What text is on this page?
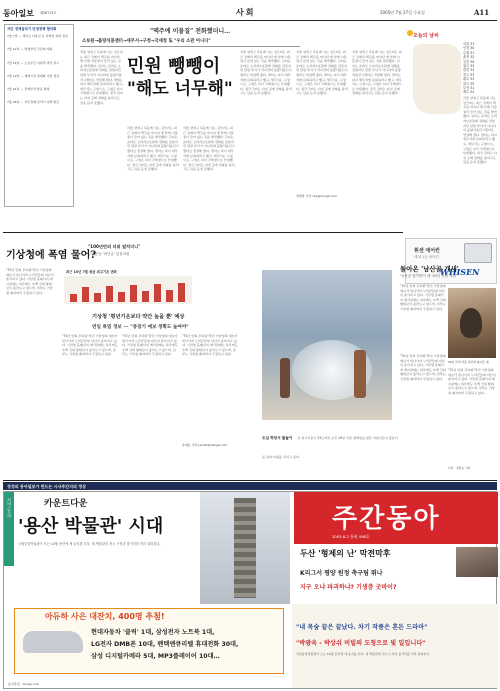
동아일보 제26713호	사회	2005년 7월 27일 수요일	A11
서민 경제살리기 민생정책 협의회
7월 7일 — 세탁소·미용실 등 자영업 실태 점검
7월 12일 — 영세상인 간담회 개최
7월 14일 — 소상공인 지원책 마련 촉구
7월 19일 — 재래시장 현대화 사업 점검
7월 21일 — 관계부처 합동 회의
7월 26일 — 서민경제 살리기 대책 발표
"맥주에 이물질" 전화했더니…
소보원→불량식품센터→세무서→구청→국세청 또 "우리 소관 아니다"
서울 양천구 목동에 사는 김모씨는 최근 집에서 맥주를 마시다 병 안에 이물질이 들어 있는 것을 발견했다. 김씨는 곧바로 소비자보호원에 전화를 걸었지만 담당 부서가 아니라며 불량식품신고센터로 연결해 줬다. 센터는 다시 세무서에 문의하라고 했고, 세무서는 구청으로, 구청은 다시 국세청으로 안내했다. 결국 김씨는 다섯 곳에 전화를 돌리고도 답을 듣지 못했다.
민원 뺑뺑이
"해도 너무해"
서울 양천구 목동에 사는 김모씨는 최근 집에서 맥주를 마시다 병 안에 이물질이 들어 있는 것을 발견했다. 김씨는 곧바로 소비자보호원에 전화를 걸었지만 담당 부서가 아니라며 불량식품신고센터로 연결해 줬다. 센터는 다시 세무서에 문의하라고 했고, 세무서는 구청으로, 구청은 다시 국세청으로 안내했다. 결국 김씨는 다섯 곳에 전화를 돌리고도 답을 듣지 못했다.
서울 양천구 목동에 사는 김모씨는 최근 집에서 맥주를 마시다 병 안에 이물질이 들어 있는 것을 발견했다. 김씨는 곧바로 소비자보호원에 전화를 걸었지만 담당 부서가 아니라며 불량식품신고센터로 연결해 줬다. 센터는 다시 세무서에 문의하라고 했고, 세무서는 구청으로, 구청은 다시 국세청으로 안내했다. 결국 김씨는 다섯 곳에 전화를 돌리고도 답을 듣지 못했다.
서울 양천구 목동에 사는 김모씨는 최근 집에서 맥주를 마시다 병 안에 이물질이 들어 있는 것을 발견했다. 김씨는 곧바로 소비자보호원에 전화를 걸었지만 담당 부서가 아니라며 불량식품신고센터로 연결해 줬다. 센터는 다시 세무서에 문의하라고 했고, 세무서는 구청으로, 구청은 다시 국세청으로 안내했다. 결국 김씨는 다섯 곳에 전화를 돌리고도 답을 듣지 못했다.
서울 양천구 목동에 사는 김모씨는 최근 집에서 맥주를 마시다 병 안에 이물질이 들어 있는 것을 발견했다. 김씨는 곧바로 소비자보호원에 전화를 걸었지만 담당 부서가 아니라며 불량식품신고센터로 연결해 줬다. 센터는 다시 세무서에 문의하라고 했고, 세무서는 구청으로, 구청은 다시 국세청으로 안내했다. 결국 김씨는 다섯 곳에 전화를 돌리고도 답을 듣지 못했다.
정양환 기자 ray@donga.com
서울 양천구 목동에 사는 김모씨는 최근 집에서 맥주를 마시다 병 안에 이물질이 들어 있는 것을 발견했다. 김씨는 곧바로 소비자보호원에 전화를 걸었지만 담당 부서가 아니라며 불량식품신고센터로 연결해 줬다. 센터는 다시 세무서에 문의하라고 했고, 세무서는 구청으로, 구청은 다시 국세청으로 안내했다. 결국 김씨는 다섯 곳에 전화를 돌리고도 답을 듣지 못했다.
오늘의 날씨
서울 31
인천 30
수원 31
춘천 32
강릉 30
청주 33
대전 33
전주 33
광주 33
대구 35
부산 31
제주 32
서울 양천구 목동에 사는 김모씨는 최근 집에서 맥주를 마시다 병 안에 이물질이 들어 있는 것을 발견했다. 김씨는 곧바로 소비자보호원에 전화를 걸었지만 담당 부서가 아니라며 불량식품신고센터로 연결해 줬다. 센터는 다시 세무서에 문의하라고 했고, 세무서는 구청으로, 구청은 다시 국세청으로 안내했다. 결국 김씨는 다섯 곳에 전화를 돌리고도 답을 듣지 못했다.
휘센 에어컨
세계 1등 에어컨
WHISEN
기상청에 폭염 물어?
"100년만의 더위 덮치더니"
누리꾼들 '비난글' 봇물처럼
"70년 만의 무더위"라던 기상청의 예보가 빗나가자 누리꾼들의 비난이 쏟아지고 있다. 기상청 홈페이지 게시판에는 하루에도 수백 건의 항의글이 올라오고 있으며, 일부는 기상청 폐지까지 주장하고 있다.
최근 10년 7월 평균 최고기온 변화
기상청 '평년기온보다 약간 높을 뿐' 예상
연일 폭염 경보 ··· "중장기 예보 정확도 높여야"
"70년 만의 무더위"라던 기상청의 예보가 빗나가자 누리꾼들의 비난이 쏟아지고 있다. 기상청 홈페이지 게시판에는 하루에도 수백 건의 항의글이 올라오고 있으며, 일부는 기상청 폐지까지 주장하고 있다.
"70년 만의 무더위"라던 기상청의 예보가 빗나가자 누리꾼들의 비난이 쏟아지고 있다. 기상청 홈페이지 게시판에는 하루에도 수백 건의 항의글이 올라오고 있으며, 일부는 기상청 폐지까지 주장하고 있다.
"70년 만의 무더위"라던 기상청의 예보가 빗나가자 누리꾼들의 비난이 쏟아지고 있다. 기상청 홈페이지 게시판에는 하루에도 수백 건의 항의글이 올라오고 있으며, 일부는 기상청 폐지까지 주장하고 있다.
유재동 기자 jarrett@donga.com
도심 하천서 물놀이 낮 최고기온이 33도까지 오른 26일 서울 청계천을 찾은 어린이들이 물놀이를 하며 더위를 식히고 있다.
돌아온 '남산골 개새'
'남산골 딸깍발이 새' 30년 만에 복원
"70년 만의 무더위"라던 기상청의 예보가 빗나가자 누리꾼들의 비난이 쏟아지고 있다. 기상청 홈페이지 게시판에는 하루에도 수백 건의 항의글이 올라오고 있으며, 일부는 기상청 폐지까지 주장하고 있다.
30년 만에 서울 남산에 돌아온 새.
"70년 만의 무더위"라던 기상청의 예보가 빗나가자 누리꾼들의 비난이 쏟아지고 있다. 기상청 홈페이지 게시판에는 하루에도 수백 건의 항의글이 올라오고 있으며, 일부는 기상청 폐지까지 주장하고 있다.
"70년 만의 무더위"라던 기상청의 예보가 빗나가자 누리꾼들의 비난이 쏟아지고 있다. 기상청 홈페이지 게시판에는 하루에도 수백 건의 항의글이 올라오고 있으며, 일부는 기상청 폐지까지 주장하고 있다.
사진 · 김상순 기자
정성의 동아일보가 만드는 시사주간지의 정상
커버스토리	카운트다운
'용산 박물관' 시대
국립중앙박물관이 오는 10월 용산에 새 둥지를 튼다. 새 박물관의 전시 구성과 볼거리를 미리 살펴본다.
주간동아
2005.8.2 통권 498호
두산 '형제의 난' 막전막후
K리그서 평양 원정 축구팀 뛰나
지구 오냐 파괴하냐? 기생충 굿바이?
아듀하 사은 대잔치, 400명 추첨!
현대자동차 '클릭' 1대, 삼성전자 노트북 1대,
LG전자 DMB폰 10대, 펜텍앤큐리텔 휴대전화 30대,
삼성 디지털카메라 5대, MP3플레이어 10대…
"내 목숨 끝은 끝났다. 차기 작품은 혼돈 드라마"
"박광옥 - 박상쉬 비빌의 도청으로 빛 일입니다"
국립중앙박물관이 오는 10월 용산에 새 둥지를 튼다. 새 박물관의 전시 구성과 볼거리를 미리 살펴본다.
동아닷컴 · donga.com
